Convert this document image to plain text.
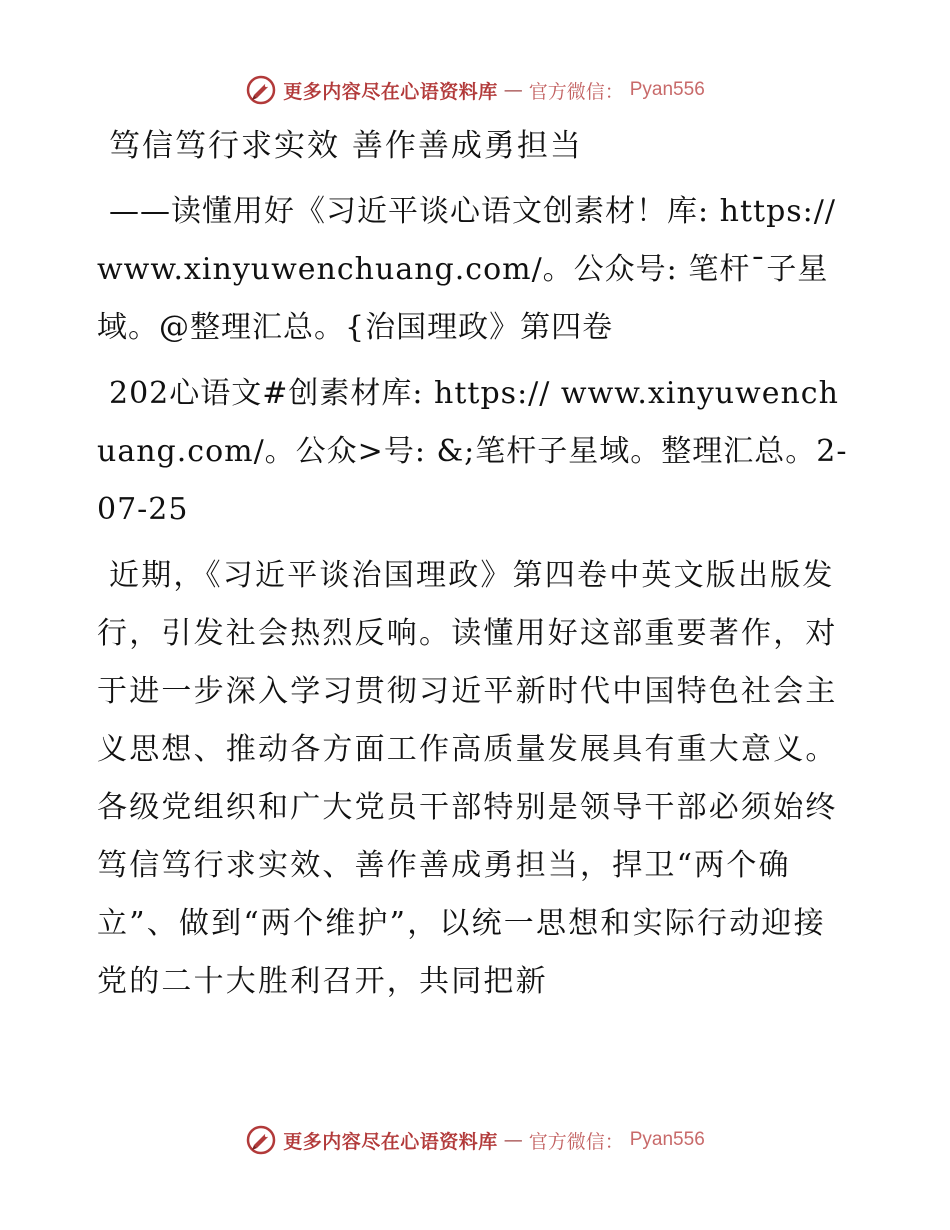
更多内容尽在心语资料库 — 官方微信： Pyan556
笃信笃行求实效 善作善成勇担当

——读懂用好《习近平谈心语文创素材！库: https://www.xinyuwenchuang.com/。公众号: 笔杆¯子星域。@整理汇总。{治国理政》第四卷

202心语文#创素材库: https:// www.xinyuwenchuang.com/。公众>号: &;笔杆子星域。整理汇总。2-07-25

近期，《习近平谈治国理政》第四卷中英文版出版发行，引发社会热烈反响。读懂用好这部重要著作，对于进一步深入学习贯彻习近平新时代中国特色社会主义思想、推动各方面工作高质量发展具有重大意义。各级党组织和广大党员干部特别是领导干部必须始终笃信笃行求实效、善作善成勇担当，捍卫“两个确立”、做到“两个维护”，以统一思想和实际行动迎接党的二十大胜利召开，共同把新

更多内容尽在心语资料库 — 官方微信： Pyan556
